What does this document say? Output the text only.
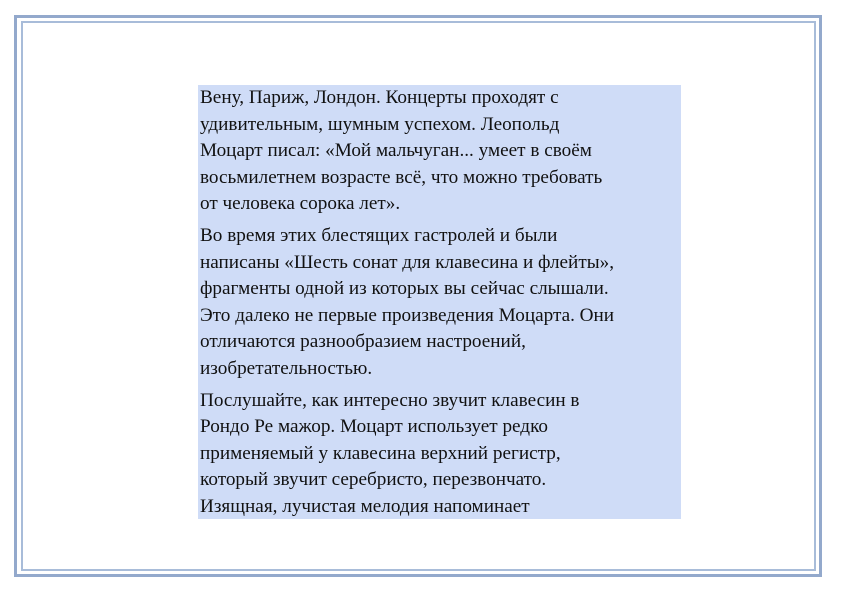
Вену, Париж, Лондон. Концерты проходят с
удивительным, шумным успехом. Леопольд
Моцарт писал: «Мой мальчуган... умеет в своём
восьмилетнем возрасте всё, что можно требовать
от человека сорока лет».

Во время этих блестящих гастролей и были
написаны «Шесть сонат для клавесина и флейты»,
фрагменты одной из которых вы сейчас слышали.
Это далеко не первые произведения Моцарта. Они
отличаются разнообразием настроений,
изобретательностью.

Послушайте, как интересно звучит клавесин в
Рондо Ре мажор. Моцарт использует редко
применяемый у клавесина верхний регистр,
который звучит серебристо, перезвончато.
Изящная, лучистая мелодия напоминает
